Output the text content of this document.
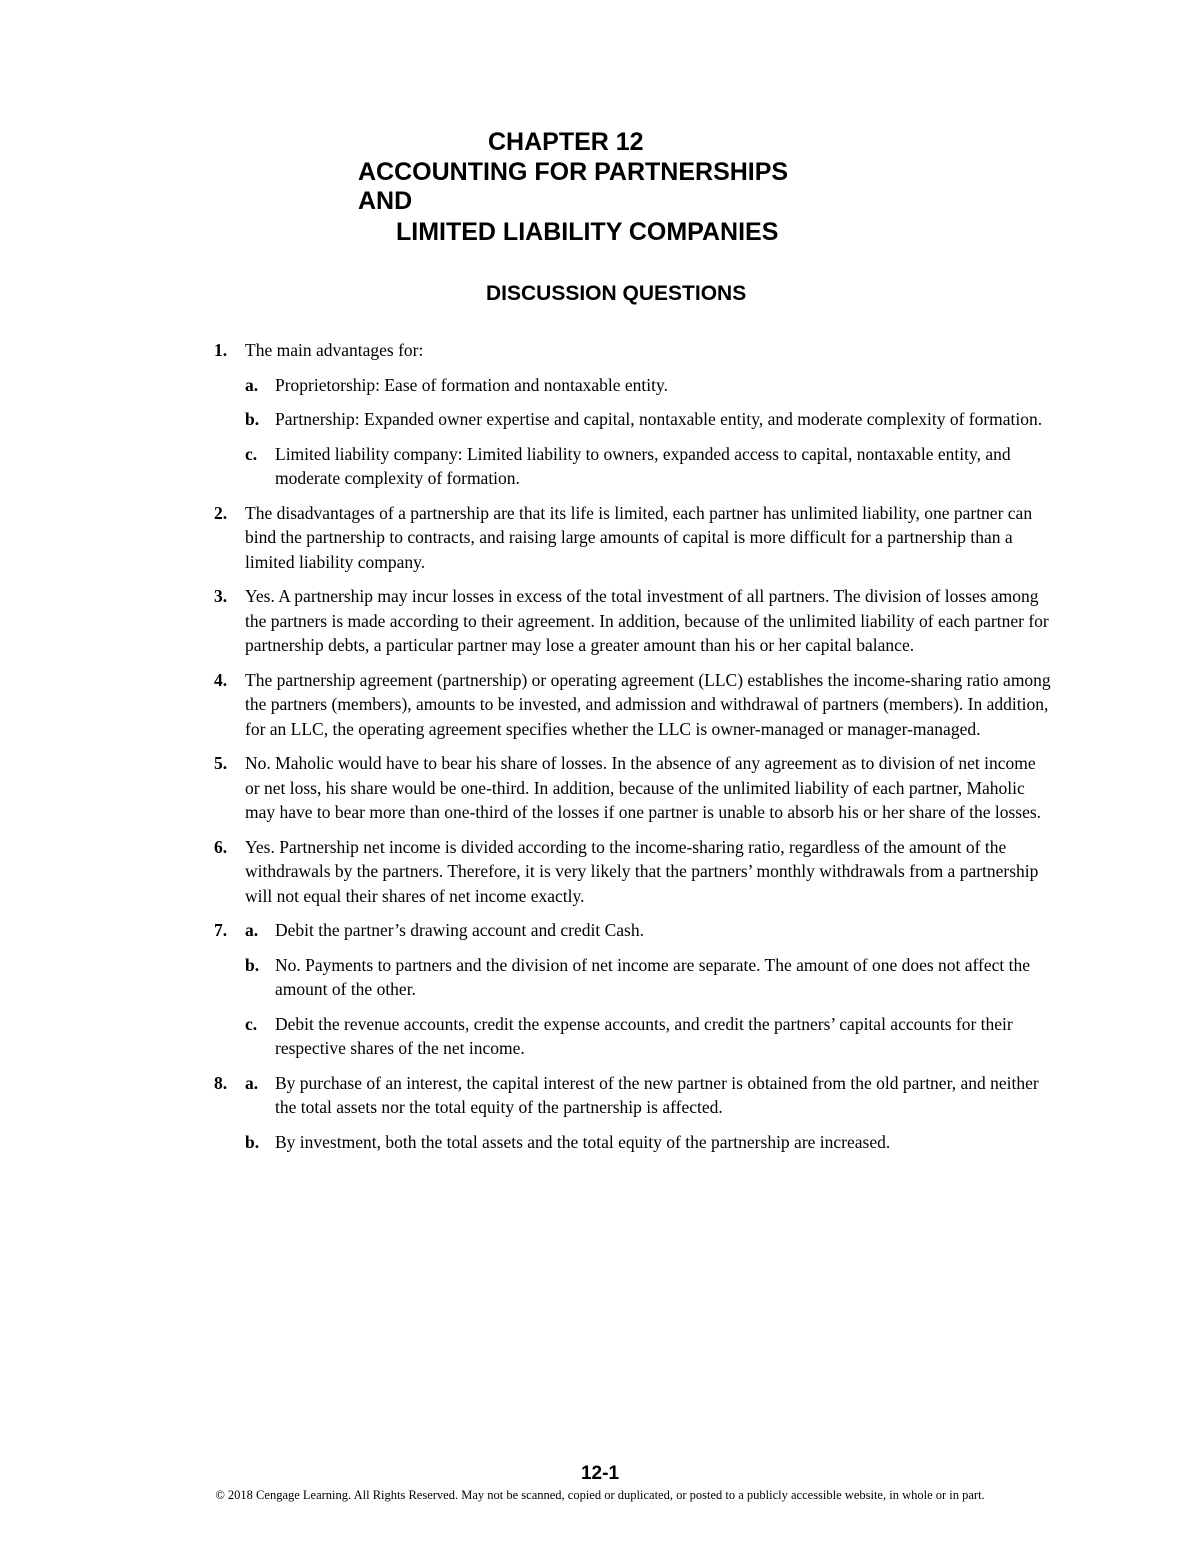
CHAPTER 12
ACCOUNTING FOR PARTNERSHIPS
AND
LIMITED LIABILITY COMPANIES
DISCUSSION QUESTIONS
1.	The main advantages for:
a. Proprietorship: Ease of formation and nontaxable entity.
b. Partnership: Expanded owner expertise and capital, nontaxable entity, and moderate complexity of formation.
c.	Limited liability company: Limited liability to owners, expanded access to capital, nontaxable entity, and moderate complexity of formation.
2.	The disadvantages of a partnership are that its life is limited, each partner has unlimited liability, one partner can bind the partnership to contracts, and raising large amounts of capital is more difficult for a partnership than a limited liability company.
3.	Yes. A partnership may incur losses in excess of the total investment of all partners. The division of losses among the partners is made according to their agreement. In addition, because of the unlimited liability of each partner for partnership debts, a particular partner may lose a greater amount than his or her capital balance.
4.	The partnership agreement (partnership) or operating agreement (LLC) establishes the income-sharing ratio among the partners (members), amounts to be invested, and admission and withdrawal of partners (members). In addition, for an LLC, the operating agreement specifies whether the LLC is owner-managed or manager-managed.
5.	No. Maholic would have to bear his share of losses. In the absence of any agreement as to division of net income or net loss, his share would be one-third. In addition, because of the unlimited liability of each partner, Maholic may have to bear more than one-third of the losses if one partner is unable to absorb his or her share of the losses.
6.	Yes. Partnership net income is divided according to the income-sharing ratio, regardless of the amount of the withdrawals by the partners. Therefore, it is very likely that the partners’ monthly withdrawals from a partnership will not equal their shares of net income exactly.
7.	a. Debit the partner’s drawing account and credit Cash.
b. No. Payments to partners and the division of net income are separate. The amount of one does not affect the amount of the other.
c.	Debit the revenue accounts, credit the expense accounts, and credit the partners’ capital accounts for their respective shares of the net income.
8.	a. By purchase of an interest, the capital interest of the new partner is obtained from the old partner, and neither the total assets nor the total equity of the partnership is affected.
b. By investment, both the total assets and the total equity of the partnership are increased.
12-1
© 2018 Cengage Learning. All Rights Reserved. May not be scanned, copied or duplicated, or posted to a publicly accessible website, in whole or in part.
